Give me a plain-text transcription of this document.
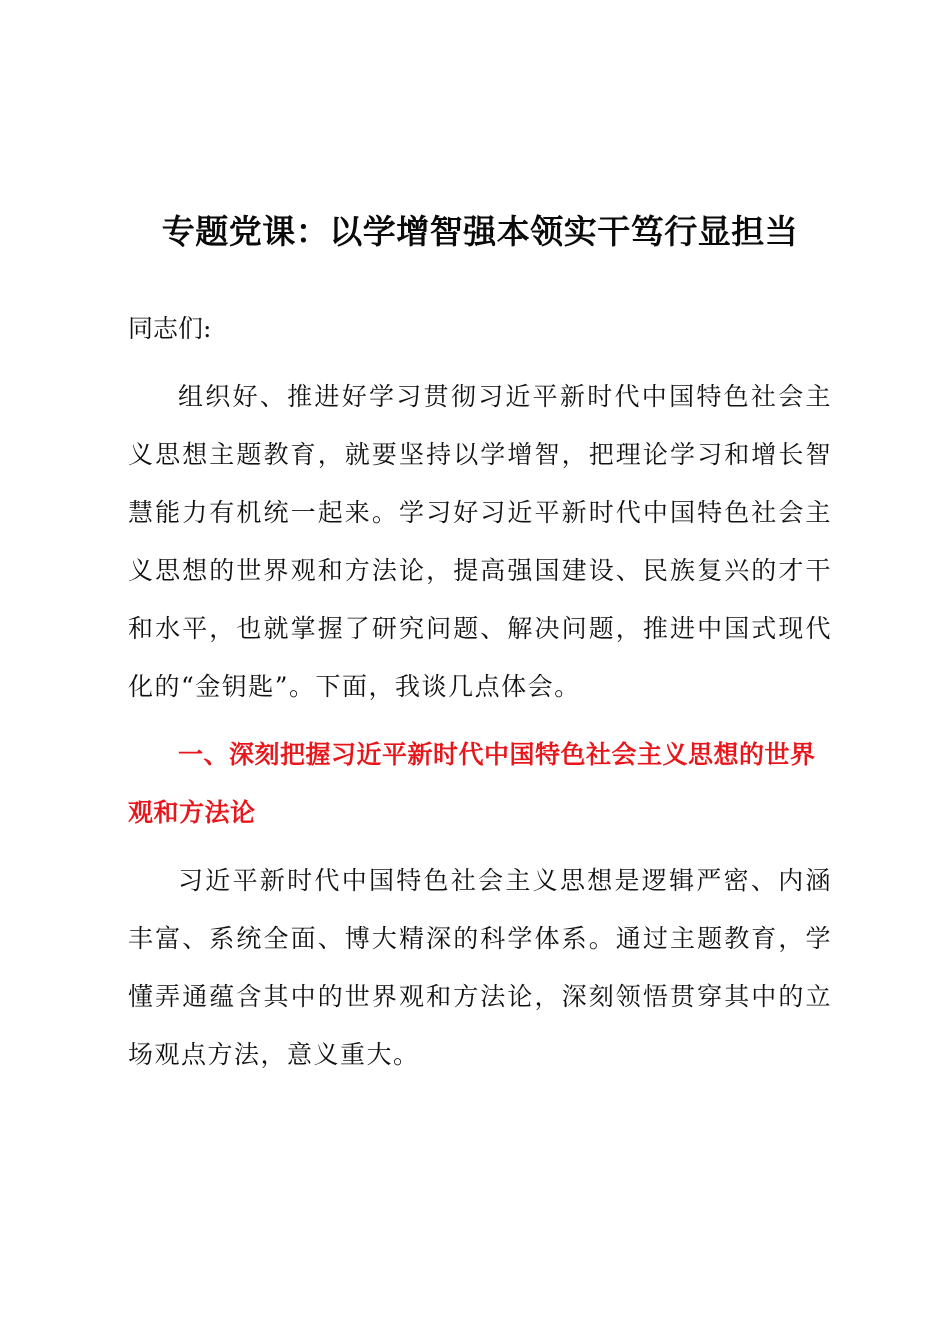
专题党课：以学增智强本领实干笃行显担当

同志们:

组织好、推进好学习贯彻习近平新时代中国特色社会主义思想主题教育，就要坚持以学增智，把理论学习和增长智慧能力有机统一起来。学习好习近平新时代中国特色社会主义思想的世界观和方法论，提高强国建设、民族复兴的才干和水平，也就掌握了研究问题、解决问题，推进中国式现代化的“金钥匙”。下面，我谈几点体会。

一、深刻把握习近平新时代中国特色社会主义思想的世界观和方法论

习近平新时代中国特色社会主义思想是逻辑严密、内涵丰富、系统全面、博大精深的科学体系。通过主题教育，学懂弄通蕴含其中的世界观和方法论，深刻领悟贯穿其中的立场观点方法，意义重大。
